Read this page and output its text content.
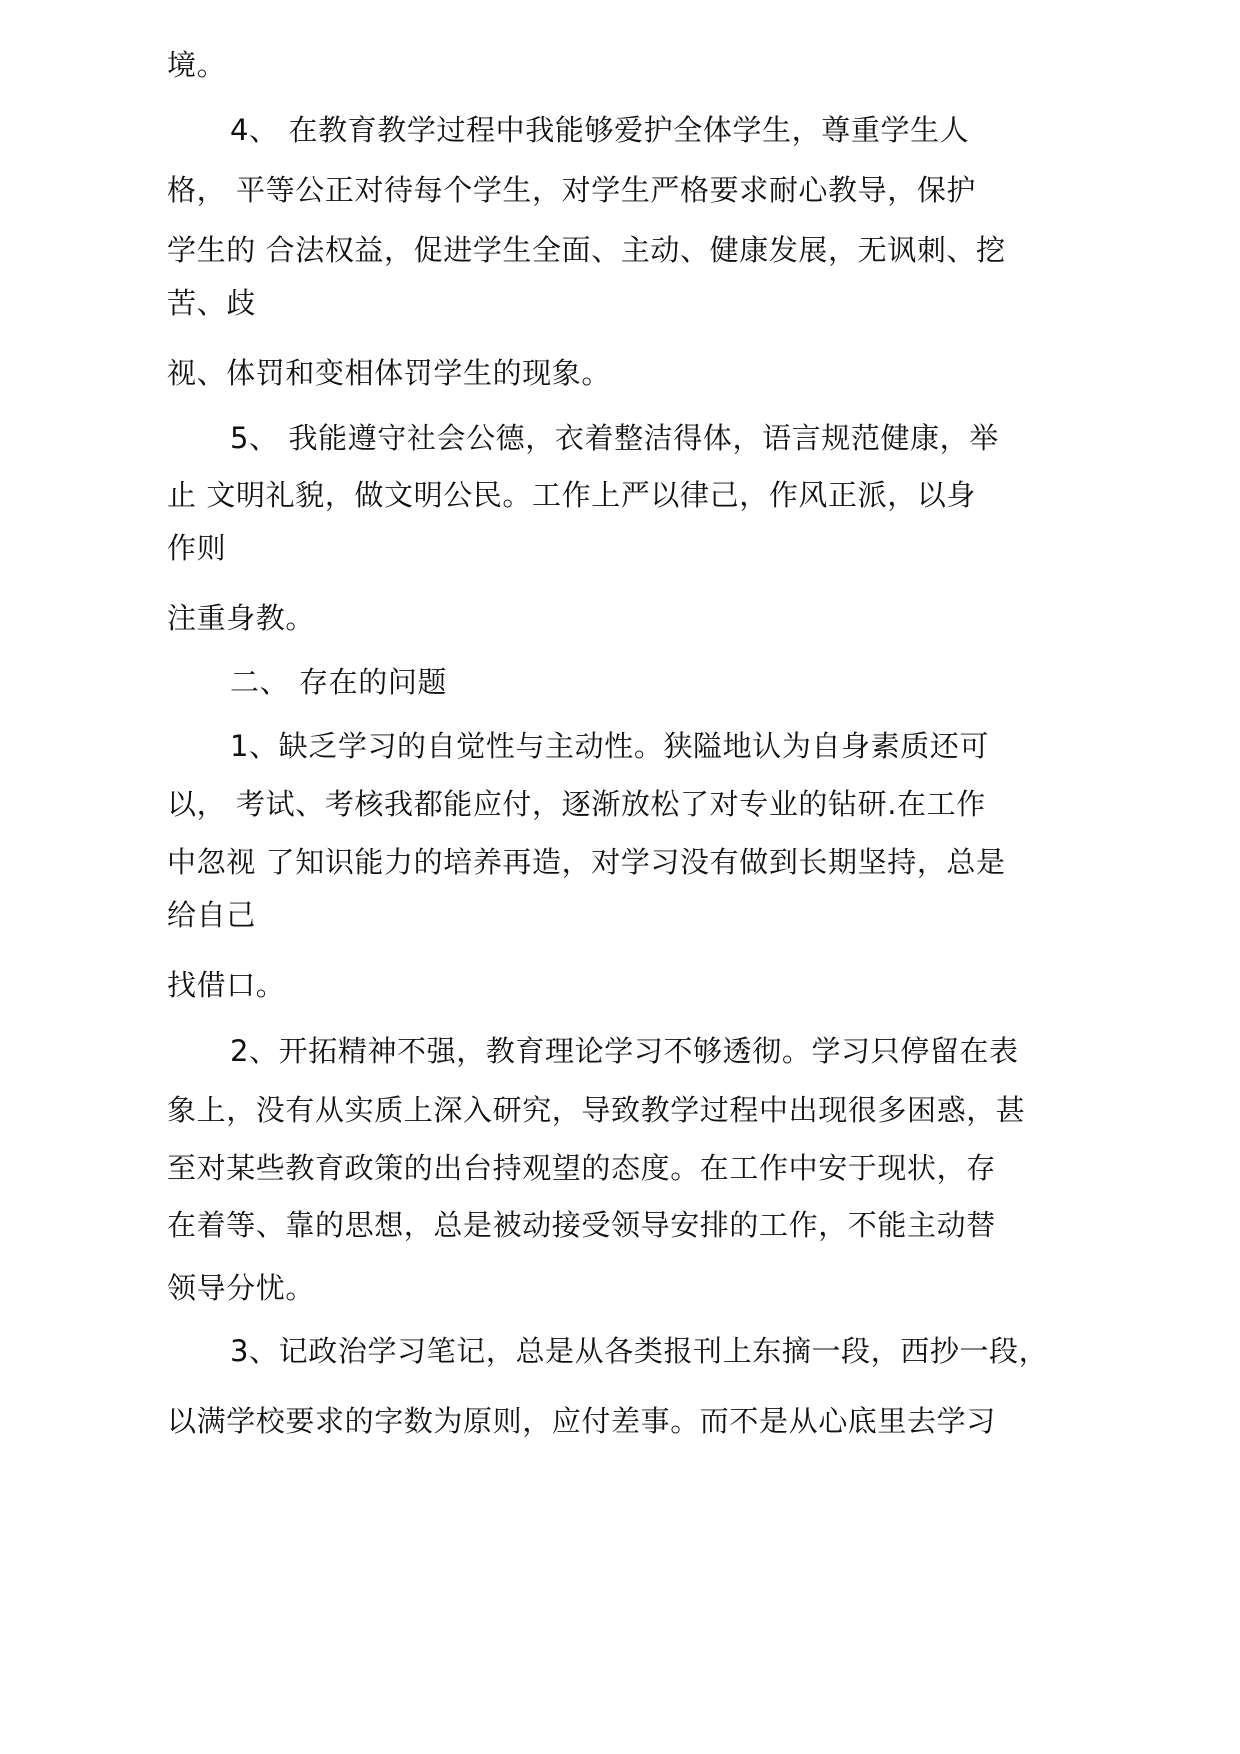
境。
4、 在教育教学过程中我能够爱护全体学生，尊重学生人
格， 平等公正对待每个学生，对学生严格要求耐心教导，保护
学生的 合法权益，促进学生全面、主动、健康发展，无讽刺、挖
苦、歧
视、体罚和变相体罚学生的现象。
5、 我能遵守社会公德，衣着整洁得体，语言规范健康，举
止 文明礼貌，做文明公民。工作上严以律己，作风正派，以身
作则
注重身教。
二、 存在的问题
1、缺乏学习的自觉性与主动性。狭隘地认为自身素质还可
以， 考试、考核我都能应付，逐渐放松了对专业的钻研.在工作
中忽视 了知识能力的培养再造，对学习没有做到长期坚持，总是
给自己
找借口。
2、开拓精神不强，教育理论学习不够透彻。学习只停留在表
象上，没有从实质上深入研究，导致教学过程中出现很多困惑，甚
至对某些教育政策的出台持观望的态度。在工作中安于现状，存
在着等、靠的思想，总是被动接受领导安排的工作，不能主动替
领导分忧。
3、记政治学习笔记，总是从各类报刊上东摘一段，西抄一段，
以满学校要求的字数为原则，应付差事。而不是从心底里去学习
